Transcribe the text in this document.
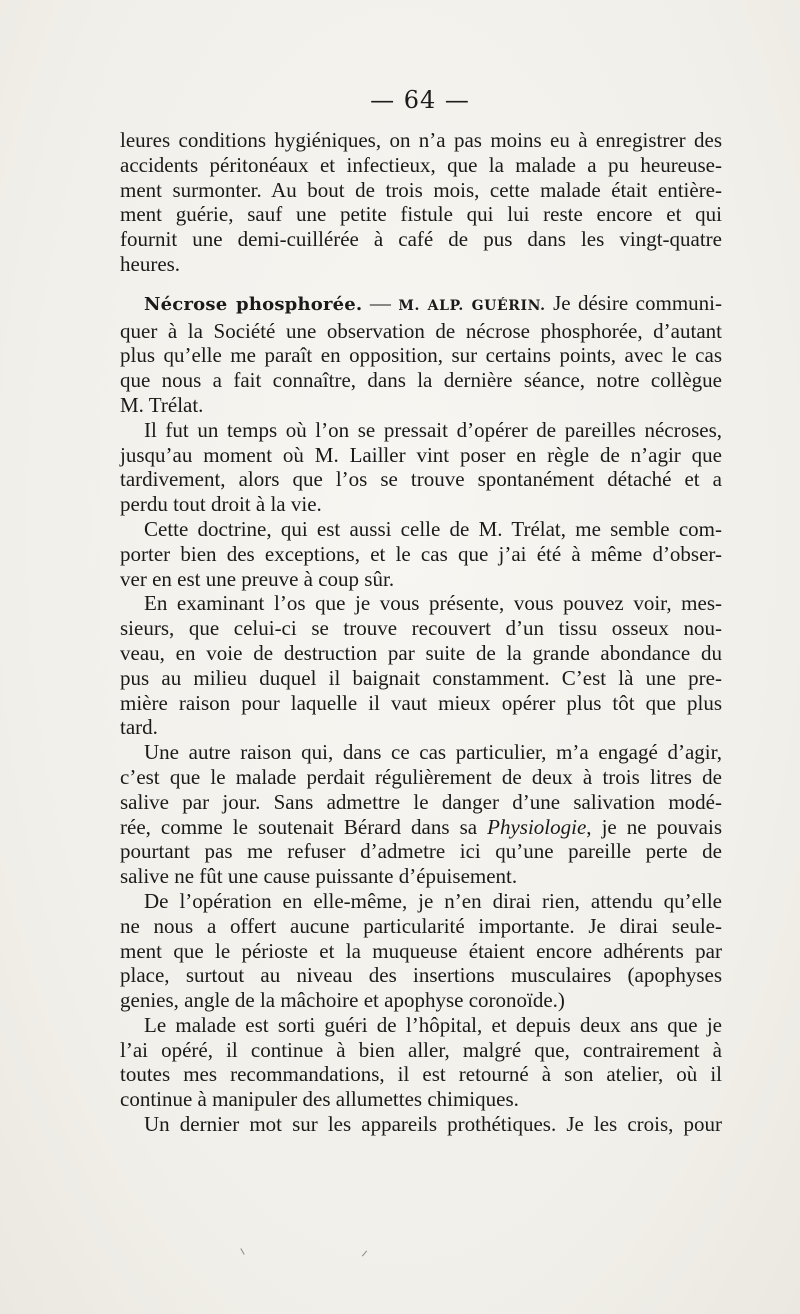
— 64 —

leures conditions hygiéniques, on n’a pas moins eu à enregistrer des
accidents péritonéaux et infectieux, que la malade a pu heureuse-
ment surmonter. Au bout de trois mois, cette malade était entière-
ment guérie, sauf une petite fistule qui lui reste encore et qui
fournit une demi-cuillérée à café de pus dans les vingt-quatre
heures.

Nécrose phosphorée. — M. ALP. GUÉRIN. Je désire communi-
quer à la Société une observation de nécrose phosphorée, d’autant
plus qu’elle me paraît en opposition, sur certains points, avec le cas
que nous a fait connaître, dans la dernière séance, notre collègue
M. Trélat.

Il fut un temps où l’on se pressait d’opérer de pareilles nécroses,
jusqu’au moment où M. Lailler vint poser en règle de n’agir que
tardivement, alors que l’os se trouve spontanément détaché et a
perdu tout droit à la vie.

Cette doctrine, qui est aussi celle de M. Trélat, me semble com-
porter bien des exceptions, et le cas que j’ai été à même d’obser-
ver en est une preuve à coup sûr.

En examinant l’os que je vous présente, vous pouvez voir, mes-
sieurs, que celui-ci se trouve recouvert d’un tissu osseux nou-
veau, en voie de destruction par suite de la grande abondance du
pus au milieu duquel il baignait constamment. C’est là une pre-
mière raison pour laquelle il vaut mieux opérer plus tôt que plus
tard.

Une autre raison qui, dans ce cas particulier, m’a engagé d’agir,
c’est que le malade perdait régulièrement de deux à trois litres de
salive par jour. Sans admettre le danger d’une salivation modé-
rée, comme le soutenait Bérard dans sa Physiologie, je ne pouvais
pourtant pas me refuser d’admetre ici qu’une pareille perte de
salive ne fût une cause puissante d’épuisement.

De l’opération en elle-même, je n’en dirai rien, attendu qu’elle
ne nous a offert aucune particularité importante. Je dirai seule-
ment que le périoste et la muqueuse étaient encore adhérents par
place, surtout au niveau des insertions musculaires (apophyses
genies, angle de la mâchoire et apophyse coronoïde.)

Le malade est sorti guéri de l’hôpital, et depuis deux ans que je
l’ai opéré, il continue à bien aller, malgré que, contrairement à
toutes mes recommandations, il est retourné à son atelier, où il
continue à manipuler des allumettes chimiques.

Un dernier mot sur les appareils prothétiques. Je les crois, pour
